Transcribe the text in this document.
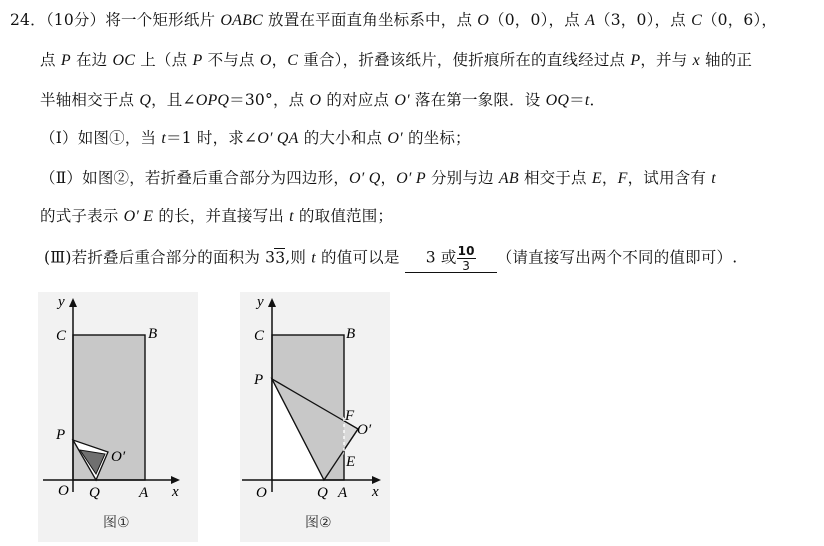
24．（10分）将一个矩形纸片 OABC 放置在平面直角坐标系中，点 O（0，0），点 A（3，0），点 C（0，6），
点 P 在边 OC 上（点 P 不与点 O，C 重合），折叠该纸片，使折痕所在的直线经过点 P，并与 x 轴的正
半轴相交于点 Q，且∠OPQ＝30°，点 O 的对应点 O′ 落在第一象限．设 OQ＝t．
（Ⅰ）如图①，当 t＝1 时，求∠O′ QA 的大小和点 O′ 的坐标；
（Ⅱ）如图②，若折叠后重合部分为四边形，O′ Q，O′ P 分别与边 AB 相交于点 E，F，试用含有 t
的式子表示 O′ E 的长，并直接写出 t 的取值范围；
(Ⅲ)若折叠后重合部分的面积为 33,则 t 的值可以是 3 或 $\frac{10}{3}$ （请直接写出两个不同的值即可）.
y
C	B
P
O′
O Q	A x
图①
y
C	B
P
F
O′
E
O	Q A x
图②
